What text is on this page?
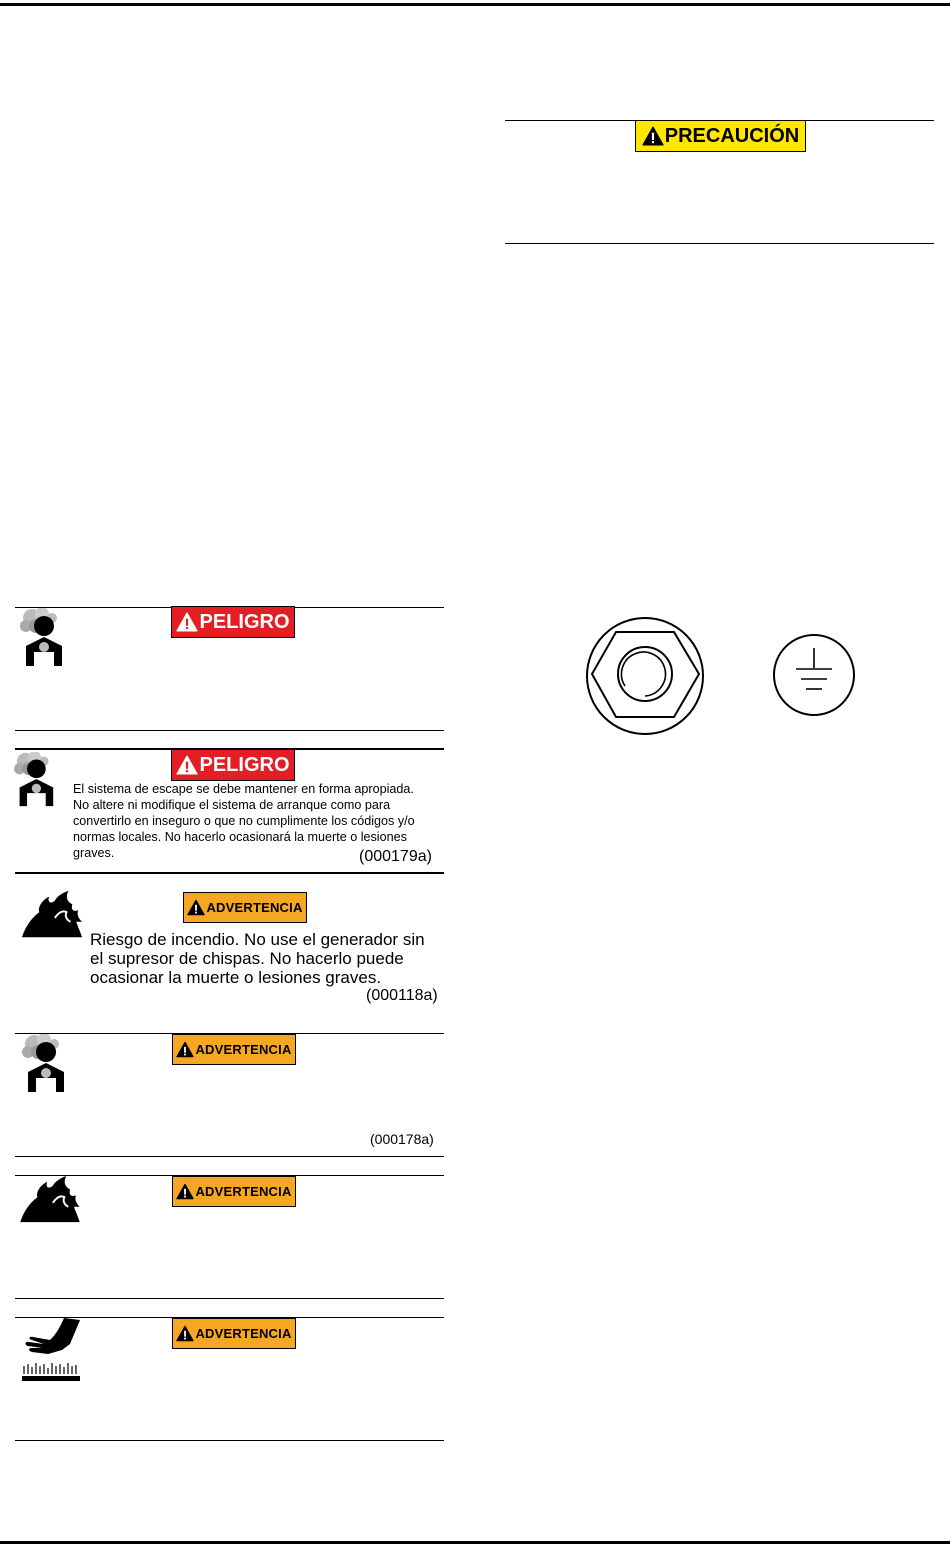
PRECAUCIÓN
PELIGRO
PELIGRO

El sistema de escape se debe mantener en forma apropiada. No altere ni modifique el sistema de arranque como para convertirlo en inseguro o que no cumplimente los códigos y/o normas locales. No hacerlo ocasionará la muerte o lesiones graves.	(000179a)
ADVERTENCIA

Riesgo de incendio. No use el generador sin el supresor de chispas. No hacerlo puede ocasionar la muerte o lesiones graves.

(000118a)
ADVERTENCIA
(000178a)
ADVERTENCIA
ADVERTENCIA
